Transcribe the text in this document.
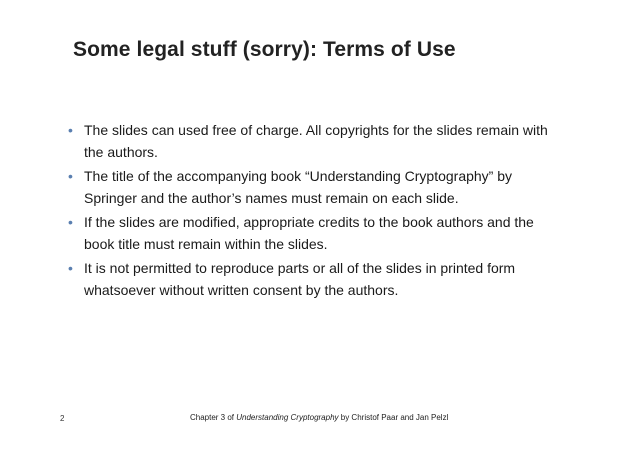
Some legal stuff (sorry): Terms of Use
• The slides can used free of charge. All copyrights for the slides remain with the authors.
• The title of the accompanying book “Understanding Cryptography” by Springer and the author’s names must remain on each slide.
• If the slides are modified, appropriate credits to the book authors and the book title must remain within the slides.
• It is not permitted to reproduce parts or all of the slides in printed form whatsoever without written consent by the authors.
2	Chapter 3 of Understanding Cryptography by Christof Paar and Jan Pelzl
